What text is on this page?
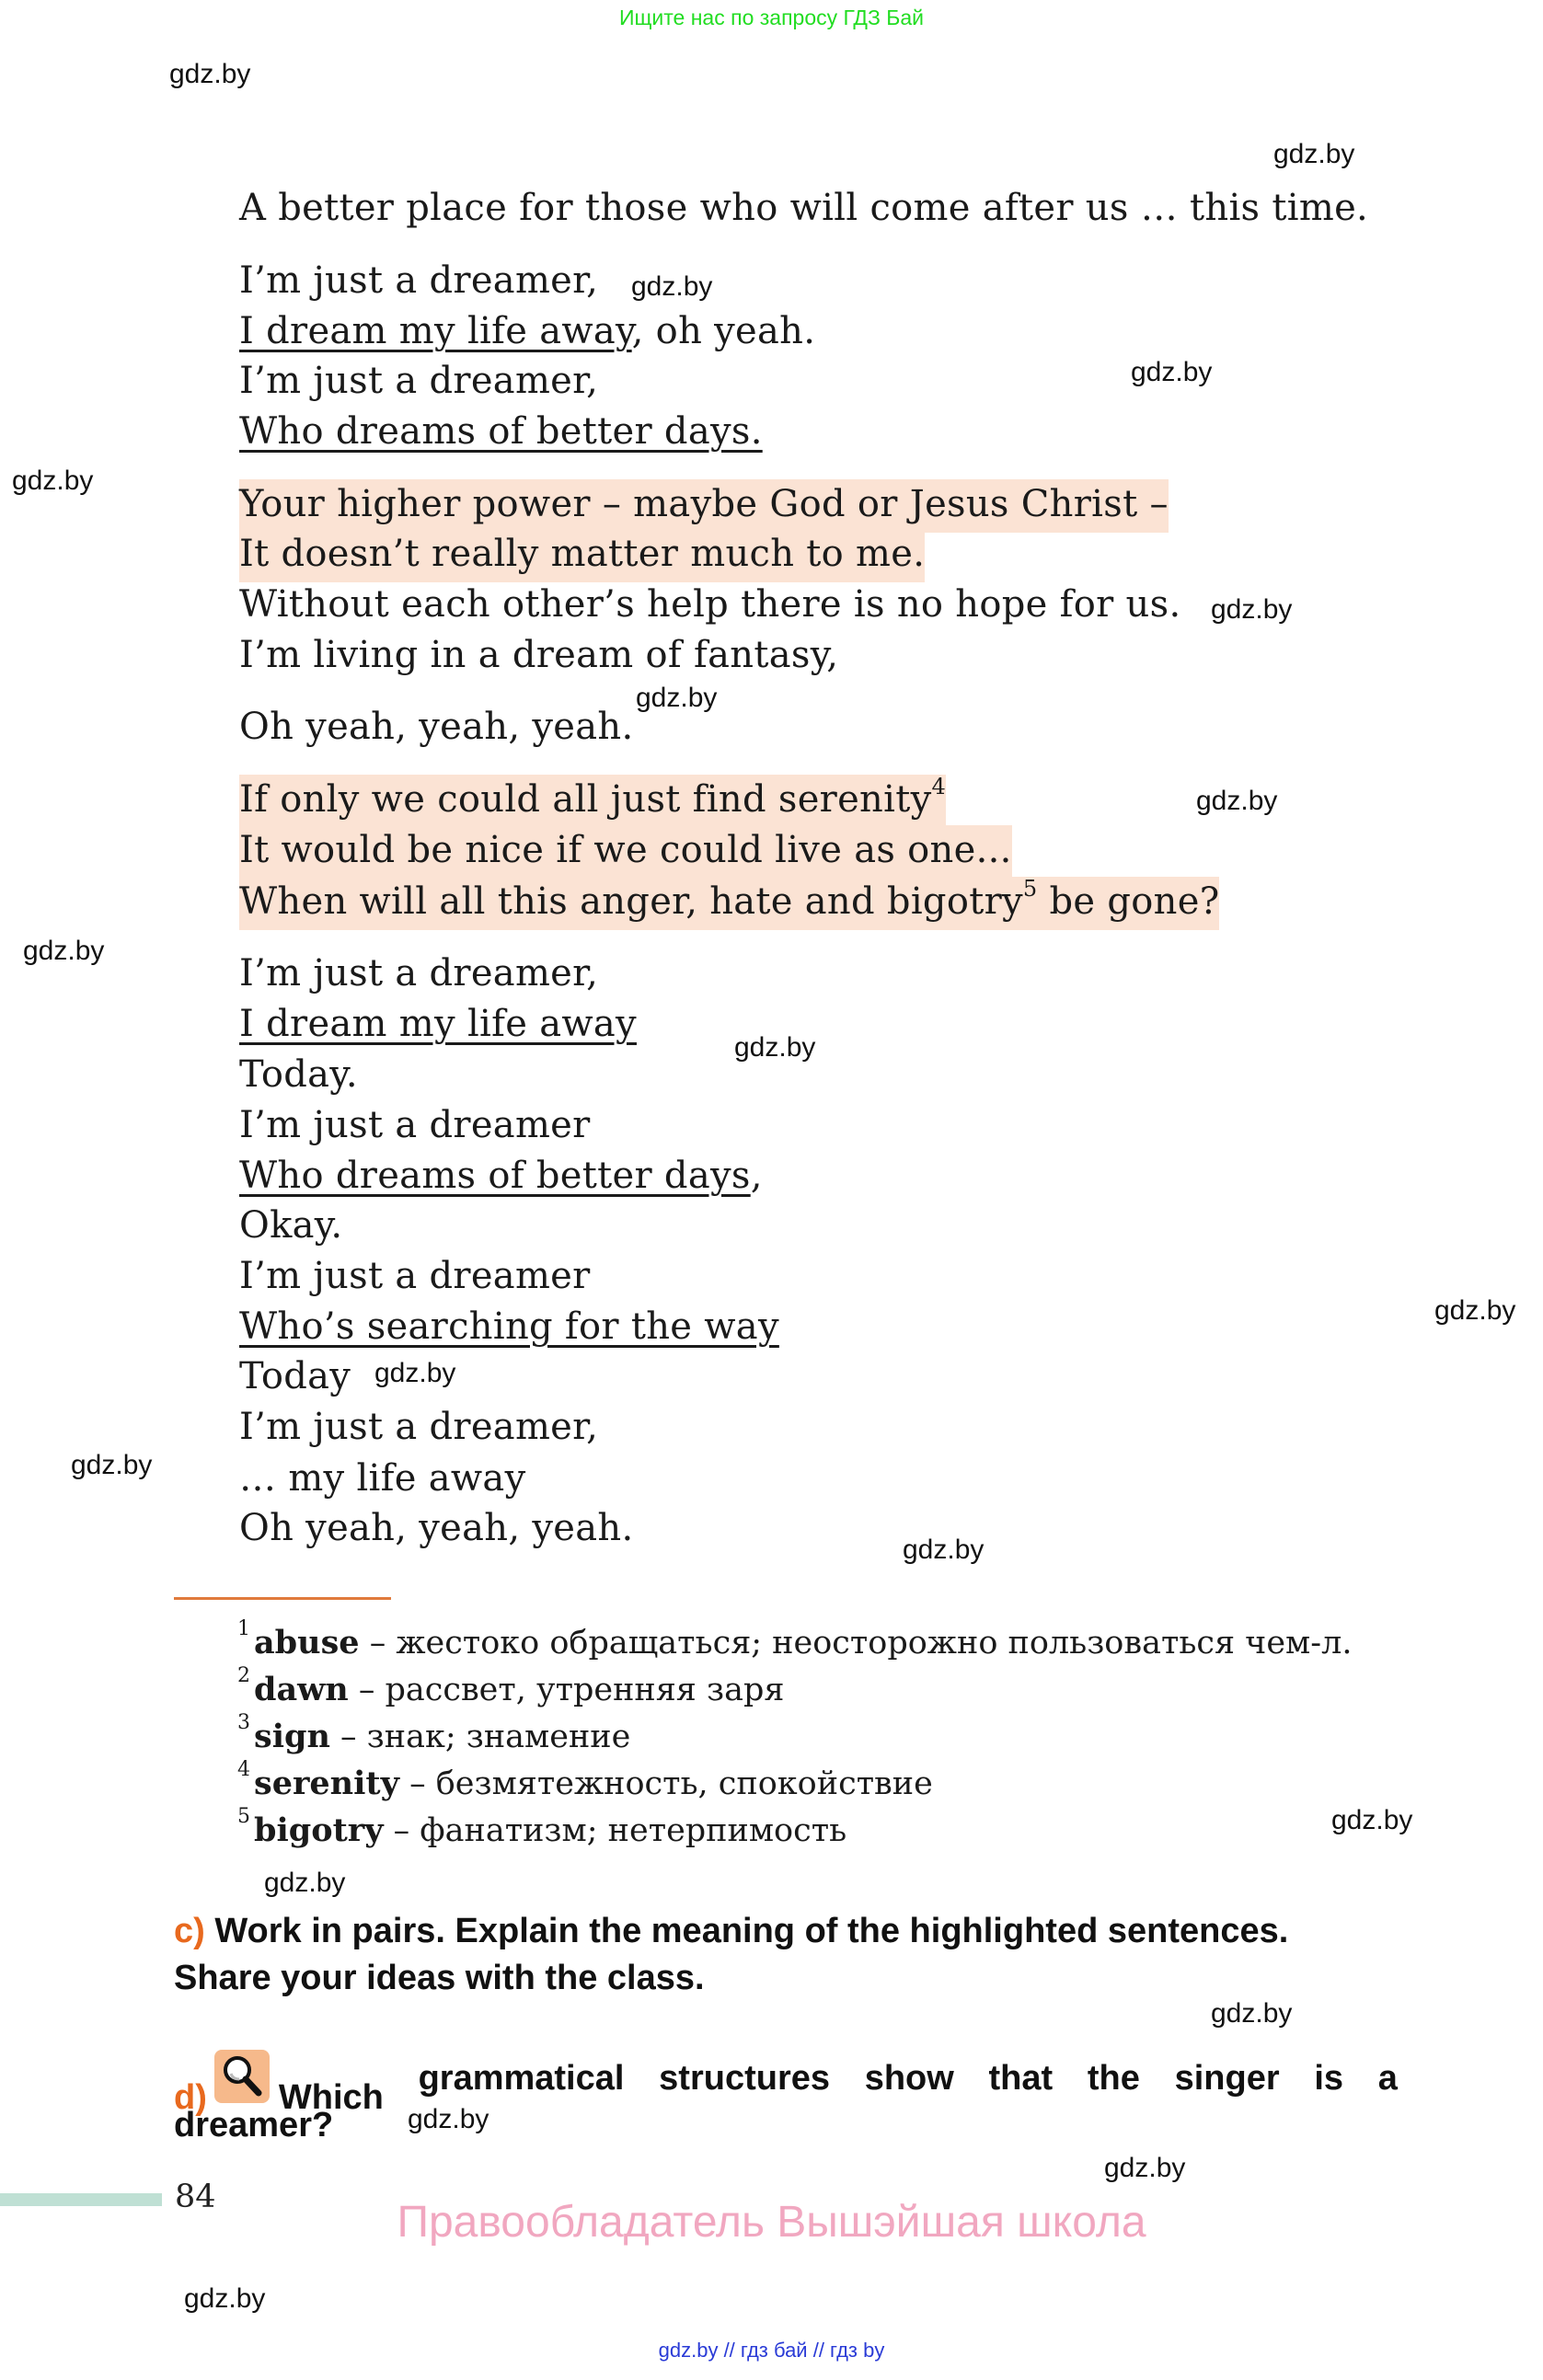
Ищите нас по запросу ГДЗ Бай
gdz.by
gdz.by
gdz.by
gdz.by
gdz.by
gdz.by
gdz.by
gdz.by
gdz.by
gdz.by
gdz.by
gdz.by
gdz.by
gdz.by
gdz.by
gdz.by
gdz.by
gdz.by
gdz.by
gdz.by
A better place for those who will come after us … this time.
I’m just a dreamer,
I dream my life away, oh yeah.
I’m just a dreamer,
Who dreams of better days.
Your higher power – maybe God or Jesus Christ –
It doesn’t really matter much to me.
Without each other’s help there is no hope for us.
I’m living in a dream of fantasy,
Oh yeah, yeah, yeah.
If only we could all just find serenity$^4$
It would be nice if we could live as one...
When will all this anger, hate and bigotry$^5$ be gone?
I’m just a dreamer,
I dream my life away
Today.
I’m just a dreamer
Who dreams of better days,
Okay.
I’m just a dreamer
Who’s searching for the way
Today
I’m just a dreamer,
… my life away
Oh yeah, yeah, yeah.
$^1$ abuse – жестоко обращаться; неосторожно пользоваться чем-л.
$^2$ dawn – рассвет, утренняя заря
$^3$ sign – знак; знамение
$^4$ serenity – безмятежность, спокойствие
$^5$ bigotry – фанатизм; нетерпимость
c) Work in pairs. Explain the meaning of the highlighted sentences.
Share your ideas with the class.
d) Which grammatical structures show that the singer is a
dreamer?
84
Правообладатель Вышэйшая школа
gdz.by // гдз бай // гдз by
